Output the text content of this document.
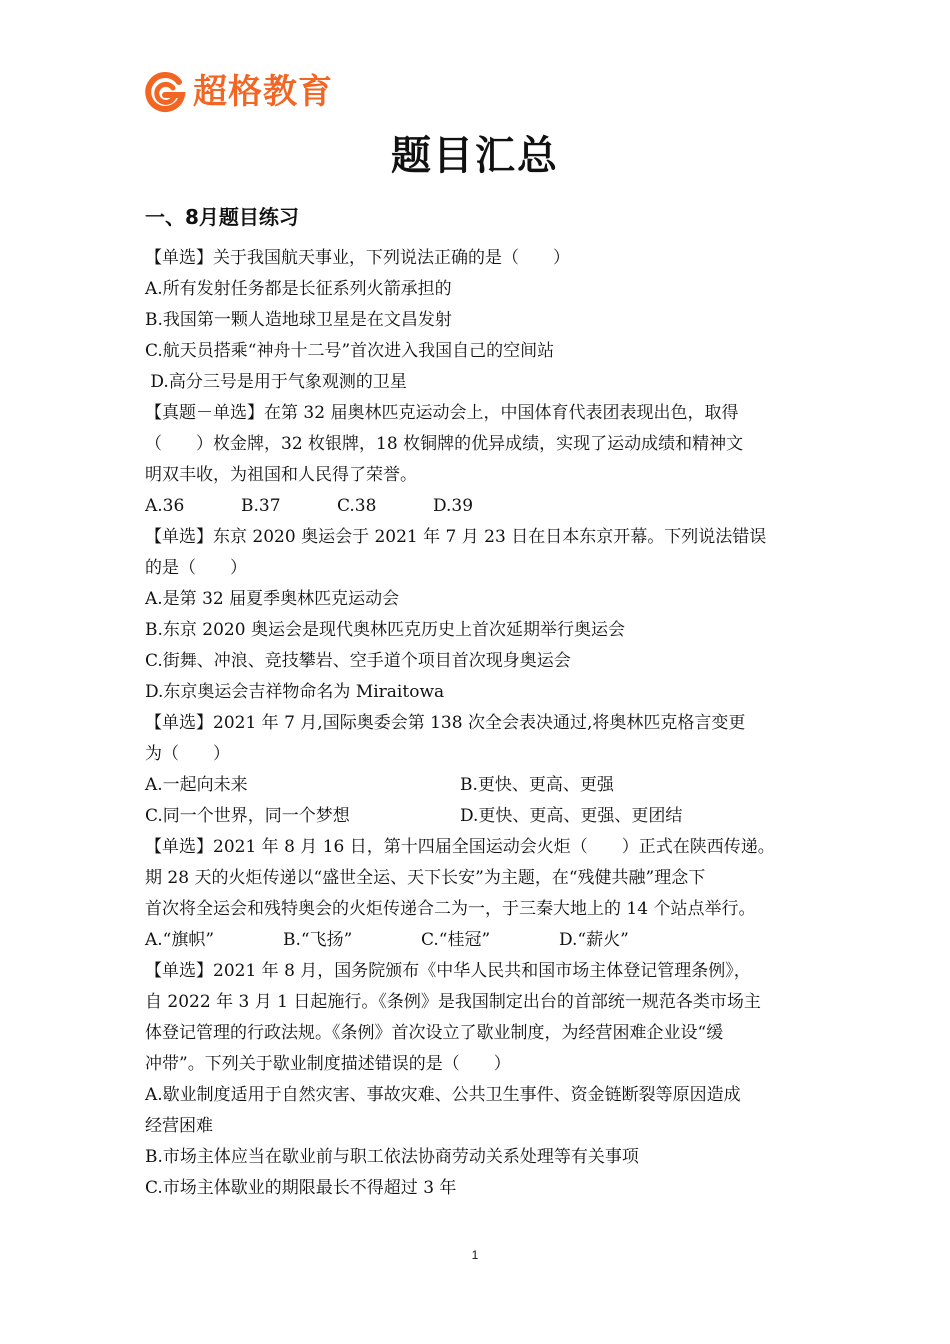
超格教育
题目汇总
一、8月题目练习
【单选】关于我国航天事业，下列说法正确的是（　　）
A.所有发射任务都是长征系列火箭承担的
B.我国第一颗人造地球卫星是在文昌发射
C.航天员搭乘“神舟十二号”首次进入我国自己的空间站
D.高分三号是用于气象观测的卫星
【真题－单选】在第 32 届奥林匹克运动会上，中国体育代表团表现出色，取得
（　　）枚金牌，32 枚银牌，18 枚铜牌的优异成绩，实现了运动成绩和精神文
明双丰收，为祖国和人民得了荣誉。
A.36	B.37	C.38	D.39
【单选】东京 2020 奥运会于 2021 年 7 月 23 日在日本东京开幕。下列说法错误
的是（　　）
A.是第 32 届夏季奥林匹克运动会
B.东京 2020 奥运会是现代奥林匹克历史上首次延期举行奥运会
C.街舞、冲浪、竞技攀岩、空手道个项目首次现身奥运会
D.东京奥运会吉祥物命名为 Miraitowa
【单选】2021 年 7 月,国际奥委会第 138 次全会表决通过,将奥林匹克格言变更
为（　　）
A.一起向未来	B.更快、更高、更强
C.同一个世界，同一个梦想	D.更快、更高、更强、更团结
【单选】2021 年 8 月 16 日，第十四届全国运动会火炬（　　）正式在陕西传递。
期 28 天的火炬传递以“盛世全运、天下长安”为主题，在“残健共融”理念下
首次将全运会和残特奥会的火炬传递合二为一，于三秦大地上的 14 个站点举行。
A.“旗帜”	B.“飞扬”	C.“桂冠”	D.“薪火”
【单选】2021 年 8 月，国务院颁布《中华人民共和国市场主体登记管理条例》，
自 2022 年 3 月 1 日起施行。《条例》是我国制定出台的首部统一规范各类市场主
体登记管理的行政法规。《条例》首次设立了歇业制度，为经营困难企业设“缓
冲带”。下列关于歇业制度描述错误的是（　　）
A.歇业制度适用于自然灾害、事故灾难、公共卫生事件、资金链断裂等原因造成
经营困难
B.市场主体应当在歇业前与职工依法协商劳动关系处理等有关事项
C.市场主体歇业的期限最长不得超过 3 年
1
